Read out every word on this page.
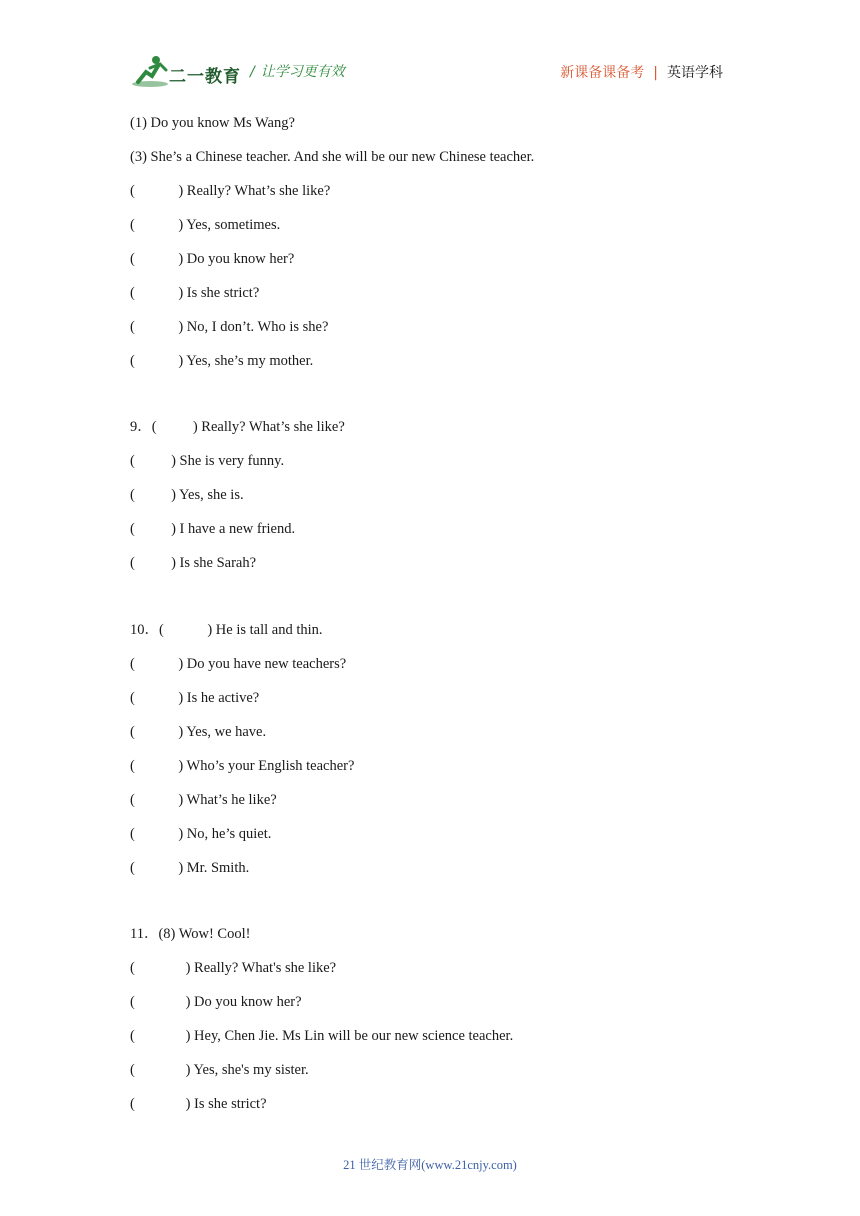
二一教育 / 让学习更有效	新课备课备考 | 英语学科
(1) Do you know Ms Wang?
(3) She’s a Chinese teacher. And she will be our new Chinese teacher.
(            ) Really? What’s she like?
(            ) Yes, sometimes.
(            ) Do you know her?
(            ) Is she strict?
(            ) No, I don’t. Who is she?
(            ) Yes, she’s my mother.
9．(          ) Really? What’s she like?
(          ) She is very funny.
(          ) Yes, she is.
(          ) I have a new friend.
(          ) Is she Sarah?
10．(            ) He is tall and thin.
(            ) Do you have new teachers?
(            ) Is he active?
(            ) Yes, we have.
(            ) Who’s your English teacher?
(            ) What’s he like?
(            ) No, he’s quiet.
(            ) Mr. Smith.
11．(8) Wow! Cool!
(              ) Really? What's she like?
(              ) Do you know her?
(              ) Hey, Chen Jie. Ms Lin will be our new science teacher.
(              ) Yes, she's my sister.
(              ) Is she strict?
21 世纪教育网(www.21cnjy.com)
